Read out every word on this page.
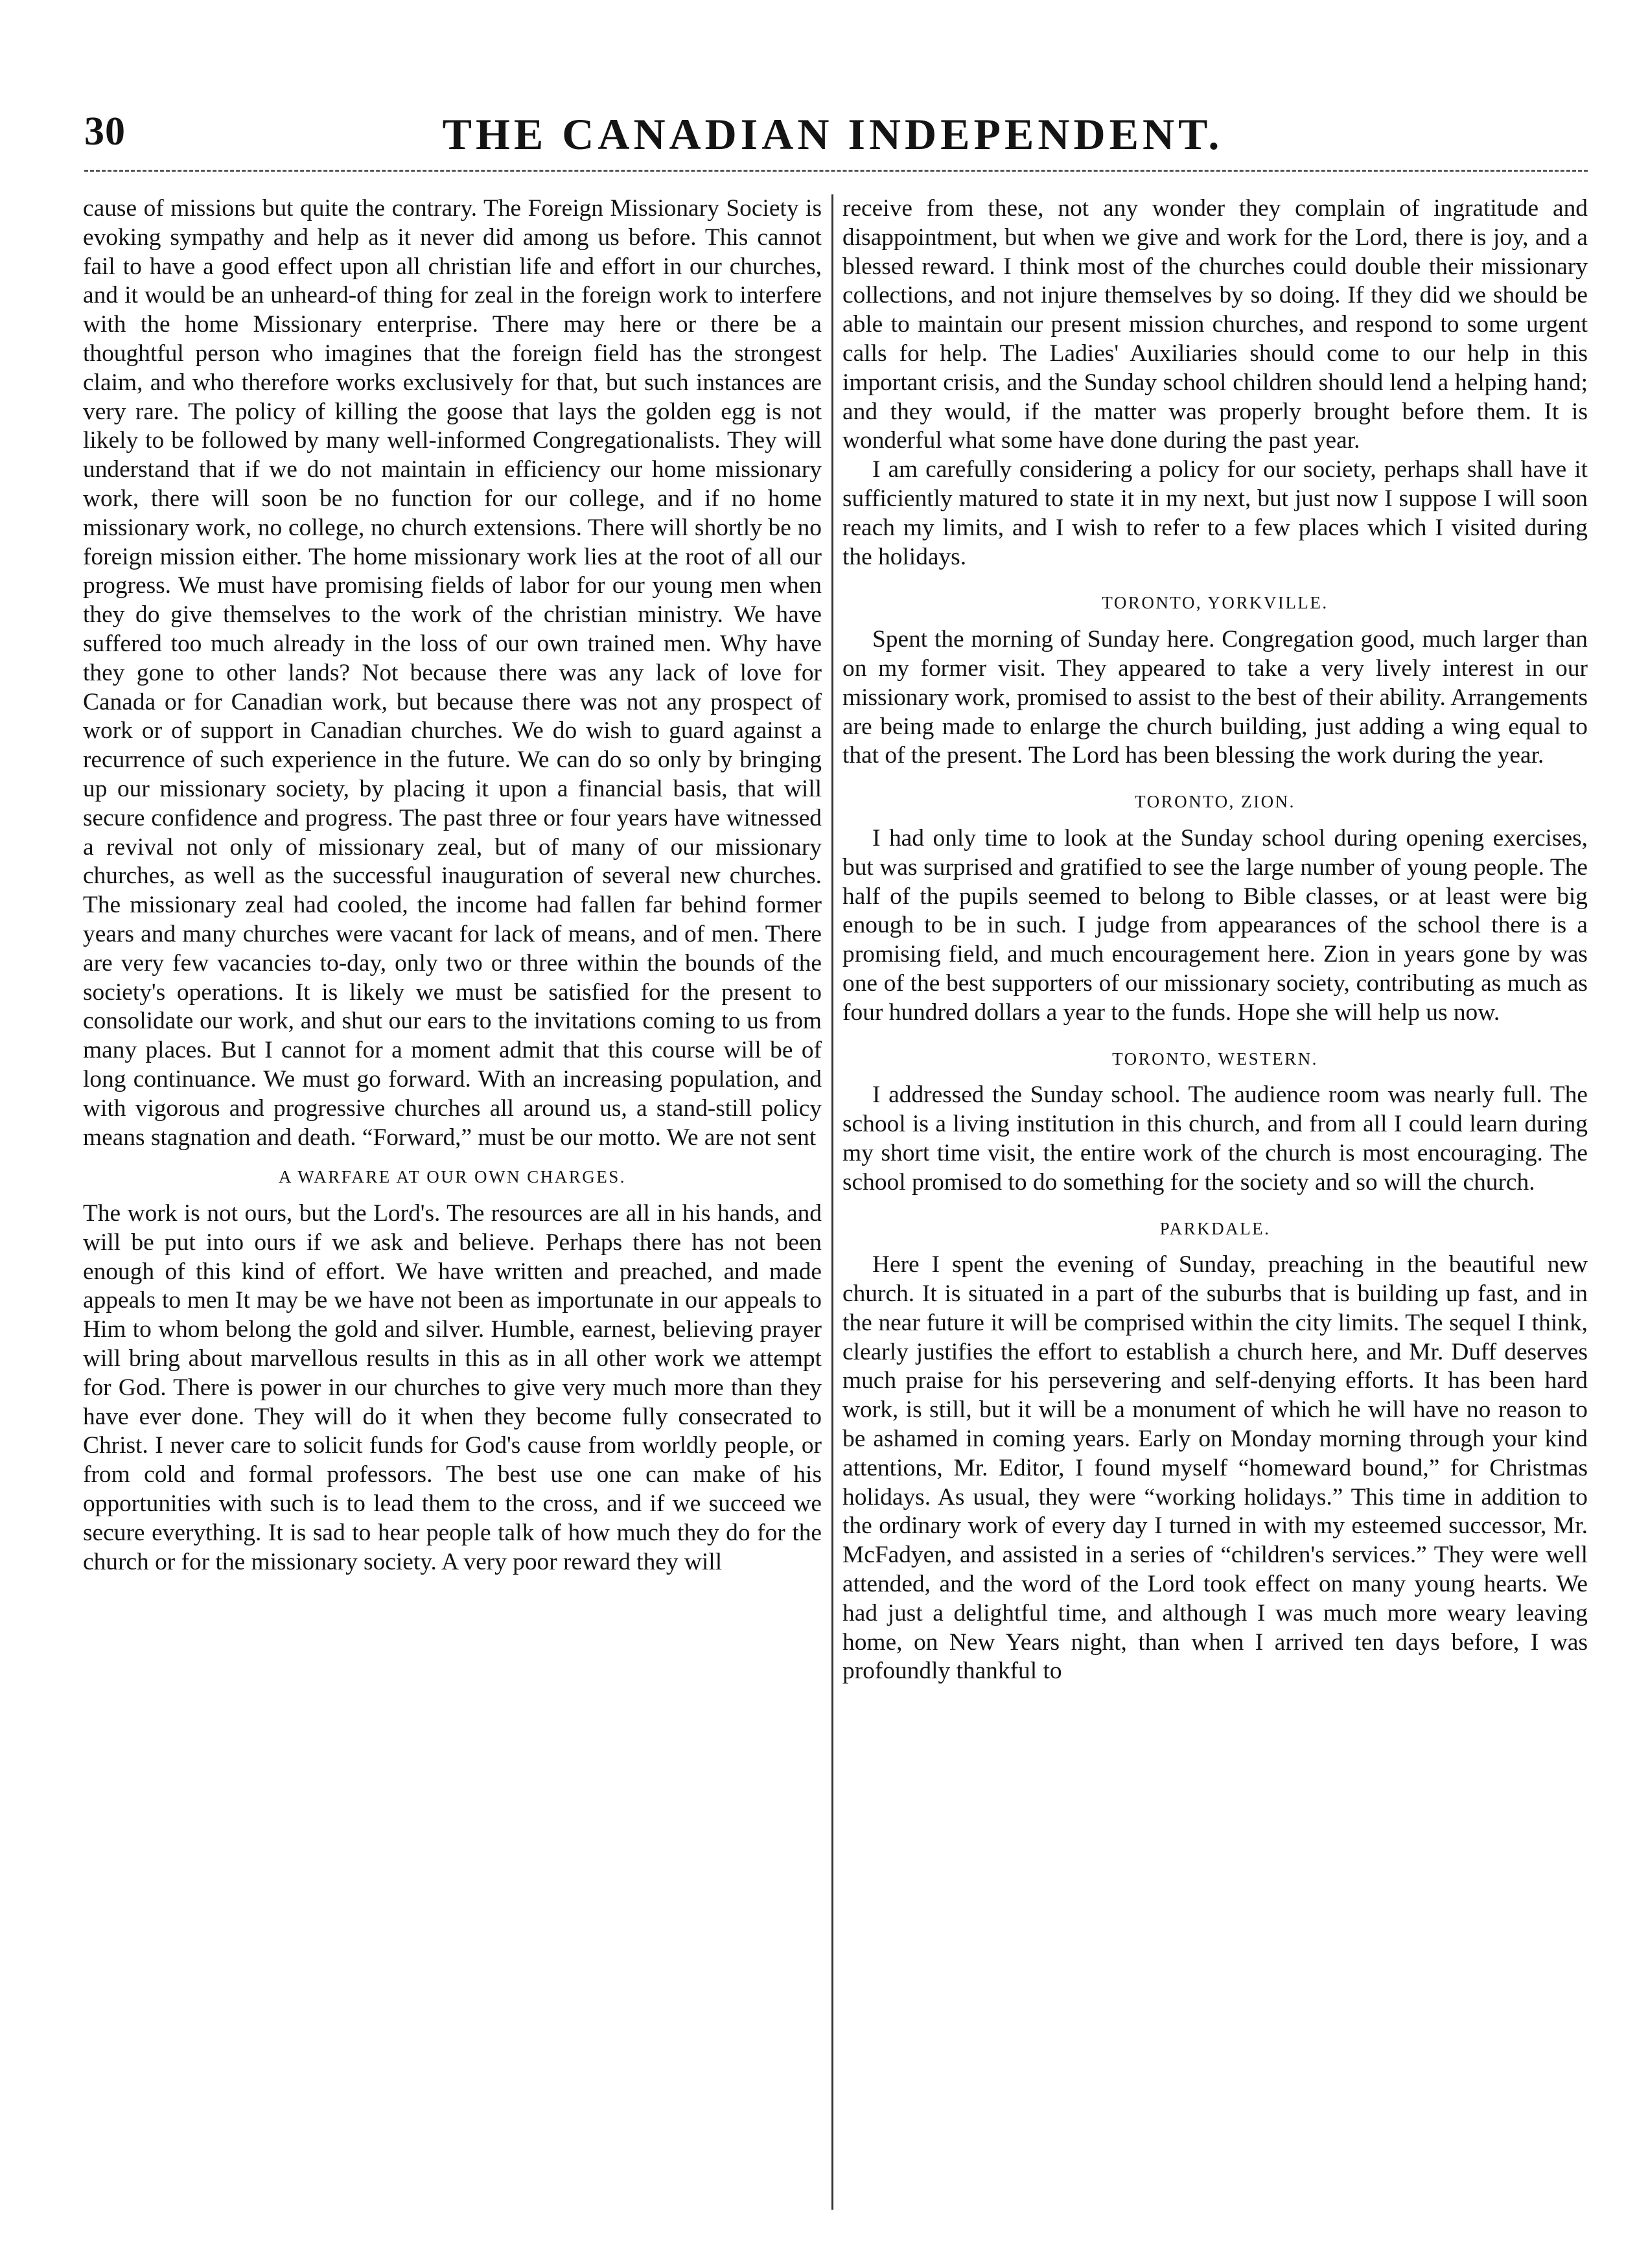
30	THE CANADIAN INDEPENDENT.

cause of missions but quite the contrary. The Foreign Missionary Society is evoking sympathy and help as it never did among us before. This cannot fail to have a good effect upon all christian life and effort in our churches, and it would be an unheard-of thing for zeal in the foreign work to interfere with the home Missionary enterprise. There may here or there be a thoughtful person who imagines that the foreign field has the strongest claim, and who therefore works exclusively for that, but such instances are very rare. The policy of killing the goose that lays the golden egg is not likely to be followed by many well-informed Congregationalists. They will understand that if we do not maintain in efficiency our home missionary work, there will soon be no function for our college, and if no home missionary work, no college, no church extensions. There will shortly be no foreign mission either. The home missionary work lies at the root of all our progress. We must have promising fields of labor for our young men when they do give themselves to the work of the christian ministry. We have suffered too much already in the loss of our own trained men. Why have they gone to other lands? Not because there was any lack of love for Canada or for Canadian work, but because there was not any prospect of work or of support in Canadian churches. We do wish to guard against a recurrence of such experience in the future. We can do so only by bringing up our missionary society, by placing it upon a financial basis, that will secure confidence and progress. The past three or four years have witnessed a revival not only of missionary zeal, but of many of our missionary churches, as well as the successful inauguration of several new churches. The missionary zeal had cooled, the income had fallen far behind former years and many churches were vacant for lack of means, and of men. There are very few vacancies to-day, only two or three within the bounds of the society's operations. It is likely we must be satisfied for the present to consolidate our work, and shut our ears to the invitations coming to us from many places. But I cannot for a moment admit that this course will be of long continuance. We must go forward. With an increasing population, and with vigorous and progressive churches all around us, a stand-still policy means stagnation and death. “Forward,” must be our motto. We are not sent

A WARFARE AT OUR OWN CHARGES.

The work is not ours, but the Lord's. The resources are all in his hands, and will be put into ours if we ask and believe. Perhaps there has not been enough of this kind of effort. We have written and preached, and made appeals to men It may be we have not been as importunate in our appeals to Him to whom belong the gold and silver. Humble, earnest, believing prayer will bring about marvellous results in this as in all other work we attempt for God. There is power in our churches to give very much more than they have ever done. They will do it when they become fully consecrated to Christ. I never care to solicit funds for God's cause from worldly people, or from cold and formal professors. The best use one can make of his opportunities with such is to lead them to the cross, and if we succeed we secure everything. It is sad to hear people talk of how much they do for the church or for the missionary society. A very poor reward they will

receive from these, not any wonder they complain of ingratitude and disappointment, but when we give and work for the Lord, there is joy, and a blessed reward. I think most of the churches could double their missionary collections, and not injure themselves by so doing. If they did we should be able to maintain our present mission churches, and respond to some urgent calls for help. The Ladies' Auxiliaries should come to our help in this important crisis, and the Sunday school children should lend a helping hand; and they would, if the matter was properly brought before them. It is wonderful what some have done during the past year.

I am carefully considering a policy for our society, perhaps shall have it sufficiently matured to state it in my next, but just now I suppose I will soon reach my limits, and I wish to refer to a few places which I visited during the holidays.

TORONTO, YORKVILLE.

Spent the morning of Sunday here. Congregation good, much larger than on my former visit. They appeared to take a very lively interest in our missionary work, promised to assist to the best of their ability. Arrangements are being made to enlarge the church building, just adding a wing equal to that of the present. The Lord has been blessing the work during the year.

TORONTO, ZION.

I had only time to look at the Sunday school during opening exercises, but was surprised and gratified to see the large number of young people. The half of the pupils seemed to belong to Bible classes, or at least were big enough to be in such. I judge from appearances of the school there is a promising field, and much encouragement here. Zion in years gone by was one of the best supporters of our missionary society, contributing as much as four hundred dollars a year to the funds. Hope she will help us now.

TORONTO, WESTERN.

I addressed the Sunday school. The audience room was nearly full. The school is a living institution in this church, and from all I could learn during my short time visit, the entire work of the church is most encouraging. The school promised to do something for the society and so will the church.

PARKDALE.

Here I spent the evening of Sunday, preaching in the beautiful new church. It is situated in a part of the suburbs that is building up fast, and in the near future it will be comprised within the city limits. The sequel I think, clearly justifies the effort to establish a church here, and Mr. Duff deserves much praise for his persevering and self-denying efforts. It has been hard work, is still, but it will be a monument of which he will have no reason to be ashamed in coming years. Early on Monday morning through your kind attentions, Mr. Editor, I found myself “homeward bound,” for Christmas holidays. As usual, they were “working holidays.” This time in addition to the ordinary work of every day I turned in with my esteemed successor, Mr. McFadyen, and assisted in a series of “children's services.” They were well attended, and the word of the Lord took effect on many young hearts. We had just a delightful time, and although I was much more weary leaving home, on New Years night, than when I arrived ten days before, I was profoundly thankful to
